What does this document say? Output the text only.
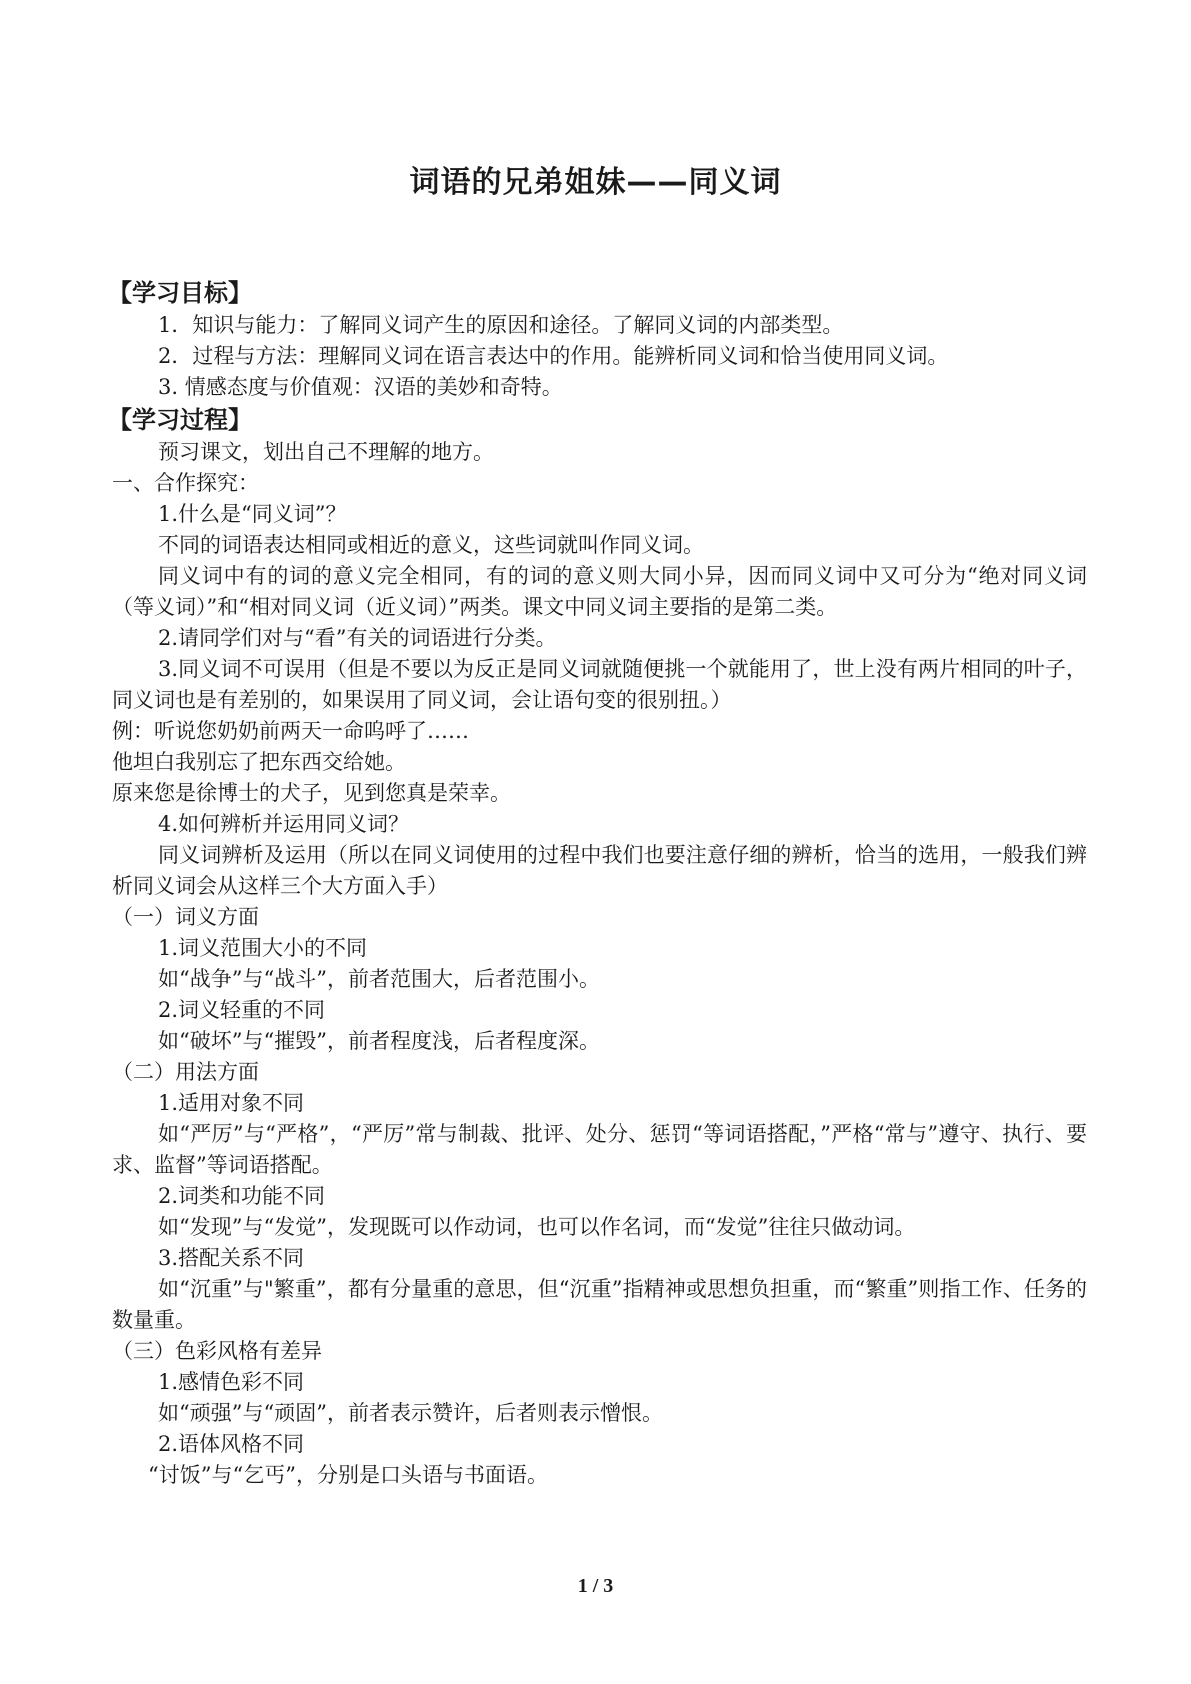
词语的兄弟姐妹——同义词
【学习目标】
1．知识与能力：了解同义词产生的原因和途径。了解同义词的内部类型。
2．过程与方法：理解同义词在语言表达中的作用。能辨析同义词和恰当使用同义词。
3. 情感态度与价值观：汉语的美妙和奇特。
【学习过程】
预习课文，划出自己不理解的地方。
一、合作探究：
1.什么是“同义词”？
不同的词语表达相同或相近的意义，这些词就叫作同义词。
同义词中有的词的意义完全相同，有的词的意义则大同小异，因而同义词中又可分为“绝对同义词（等义词）”和“相对同义词（近义词）”两类。课文中同义词主要指的是第二类。
2.请同学们对与“看”有关的词语进行分类。
3.同义词不可误用（但是不要以为反正是同义词就随便挑一个就能用了，世上没有两片相同的叶子，同义词也是有差别的，如果误用了同义词，会让语句变的很别扭。）
例：听说您奶奶前两天一命呜呼了……
他坦白我别忘了把东西交给她。
原来您是徐博士的犬子，见到您真是荣幸。
4.如何辨析并运用同义词？
同义词辨析及运用（所以在同义词使用的过程中我们也要注意仔细的辨析，恰当的选用，一般我们辨析同义词会从这样三个大方面入手）
（一）词义方面
1.词义范围大小的不同
如“战争”与“战斗”，前者范围大，后者范围小。
2.词义轻重的不同
如“破坏”与“摧毁”，前者程度浅，后者程度深。
（二）用法方面
1.适用对象不同
如“严厉”与“严格”，“严厉”常与制裁、批评、处分、惩罚“等词语搭配，”严格“常与”遵守、执行、要求、监督”等词语搭配。
2.词类和功能不同
如“发现”与“发觉”，发现既可以作动词，也可以作名词，而“发觉”往往只做动词。
3.搭配关系不同
如“沉重”与"繁重”，都有分量重的意思，但“沉重”指精神或思想负担重，而“繁重”则指工作、任务的数量重。
（三）色彩风格有差异
1.感情色彩不同
如“顽强”与“顽固”，前者表示赞许，后者则表示憎恨。
2.语体风格不同
“讨饭”与“乞丐”，分别是口头语与书面语。
1 / 3
